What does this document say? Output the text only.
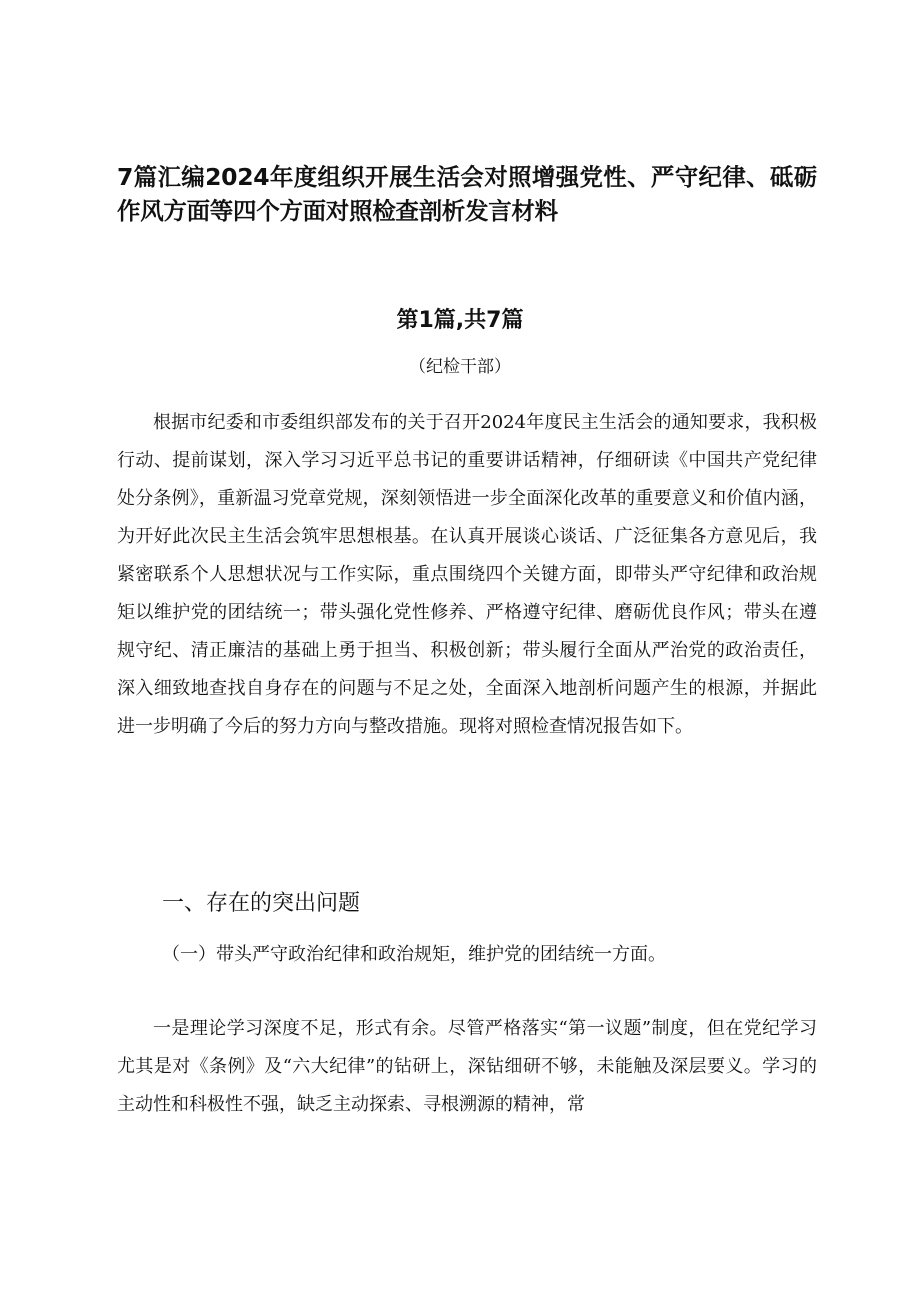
7篇汇编2024年度组织开展生活会对照增强党性、严守纪律、砥砺作风方面等四个方面对照检查剖析发言材料
第1篇,共7篇

（纪检干部）

根据市纪委和市委组织部发布的关于召开2024年度民主生活会的通知要求，我积极行动、提前谋划，深入学习习近平总书记的重要讲话精神，仔细研读《中国共产党纪律处分条例》，重新温习党章党规，深刻领悟进一步全面深化改革的重要意义和价值内涵，为开好此次民主生活会筑牢思想根基。在认真开展谈心谈话、广泛征集各方意见后，我紧密联系个人思想状况与工作实际，重点围绕四个关键方面，即带头严守纪律和政治规矩以维护党的团结统一；带头强化党性修养、严格遵守纪律、磨砺优良作风；带头在遵规守纪、清正廉洁的基础上勇于担当、积极创新；带头履行全面从严治党的政治责任，深入细致地查找自身存在的问题与不足之处，全面深入地剖析问题产生的根源，并据此进一步明确了今后的努力方向与整改措施。现将对照检查情况报告如下。

一、存在的突出问题

（一）带头严守政治纪律和政治规矩，维护党的团结统一方面。

一是理论学习深度不足，形式有余。尽管严格落实“第一议题”制度，但在党纪学习尤其是对《条例》及“六大纪律”的钻研上，深钻细研不够，未能触及深层要义。学习的主动性和科极性不强，缺乏主动探索、寻根溯源的精神，常
